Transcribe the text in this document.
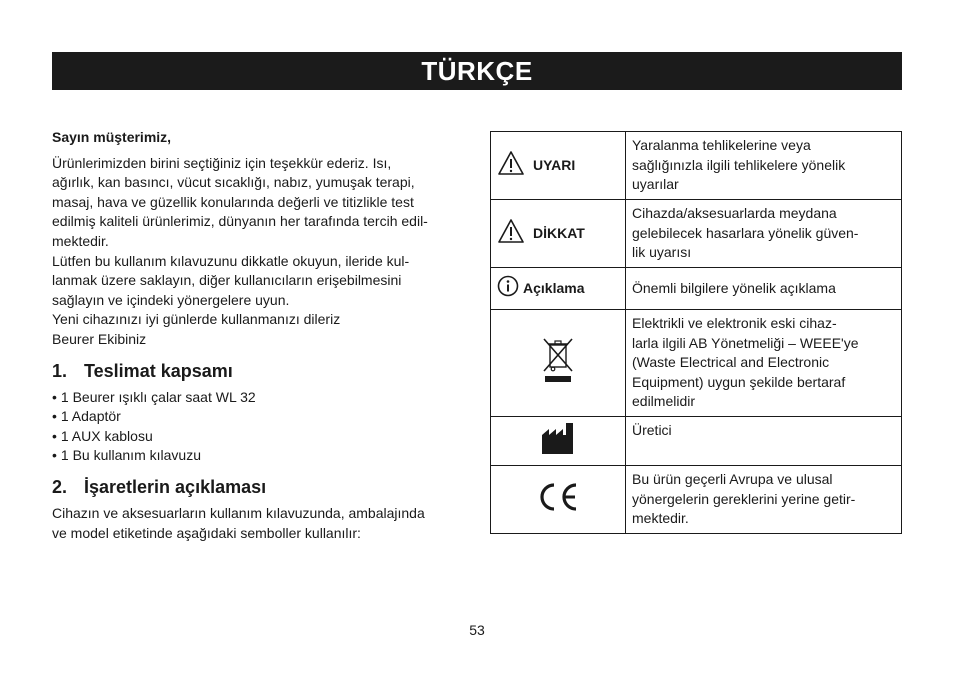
TÜRKÇE
Sayın müşterimiz,
Ürünlerimizden birini seçtiğiniz için teşekkür ederiz. Isı,
ağırlık, kan basıncı, vücut sıcaklığı, nabız, yumuşak terapi,
masaj, hava ve güzellik konularında değerli ve titizlikle test
edilmiş kaliteli ürünlerimiz, dünyanın her tarafında tercih edil-
mektedir.
Lütfen bu kullanım kılavuzunu dikkatle okuyun, ileride kul-
lanmak üzere saklayın, diğer kullanıcıların erişebilmesini
sağlayın ve içindeki yönergelere uyun.
Yeni cihazınızı iyi günlerde kullanmanızı dileriz
Beurer Ekibiniz
1. Teslimat kapsamı
• 1 Beurer ışıklı çalar saat WL 32
• 1 Adaptör
• 1 AUX kablosu
• 1 Bu kullanım kılavuzu
2. İşaretlerin açıklaması
Cihazın ve aksesuarların kullanım kılavuzunda, ambalajında
ve model etiketinde aşağıdaki semboller kullanılır:
UYARI	Yaralanma tehlikelerine veya
sağlığınızla ilgili tehlikelere yönelik
uyarılar

DİKKAT	Cihazda/aksesuarlarda meydana
gelebilecek hasarlara yönelik güven-
lik uyarısı

Açıklama	Önemli bilgilere yönelik açıklama

Elektrikli ve elektronik eski cihaz-
larla ilgili AB Yönetmeliği – WEEE'ye
(Waste Electrical and Electronic
Equipment) uygun şekilde bertaraf
edilmelidir

Üretici

Bu ürün geçerli Avrupa ve ulusal
yönergelerin gereklerini yerine getir-
mektedir.
53
